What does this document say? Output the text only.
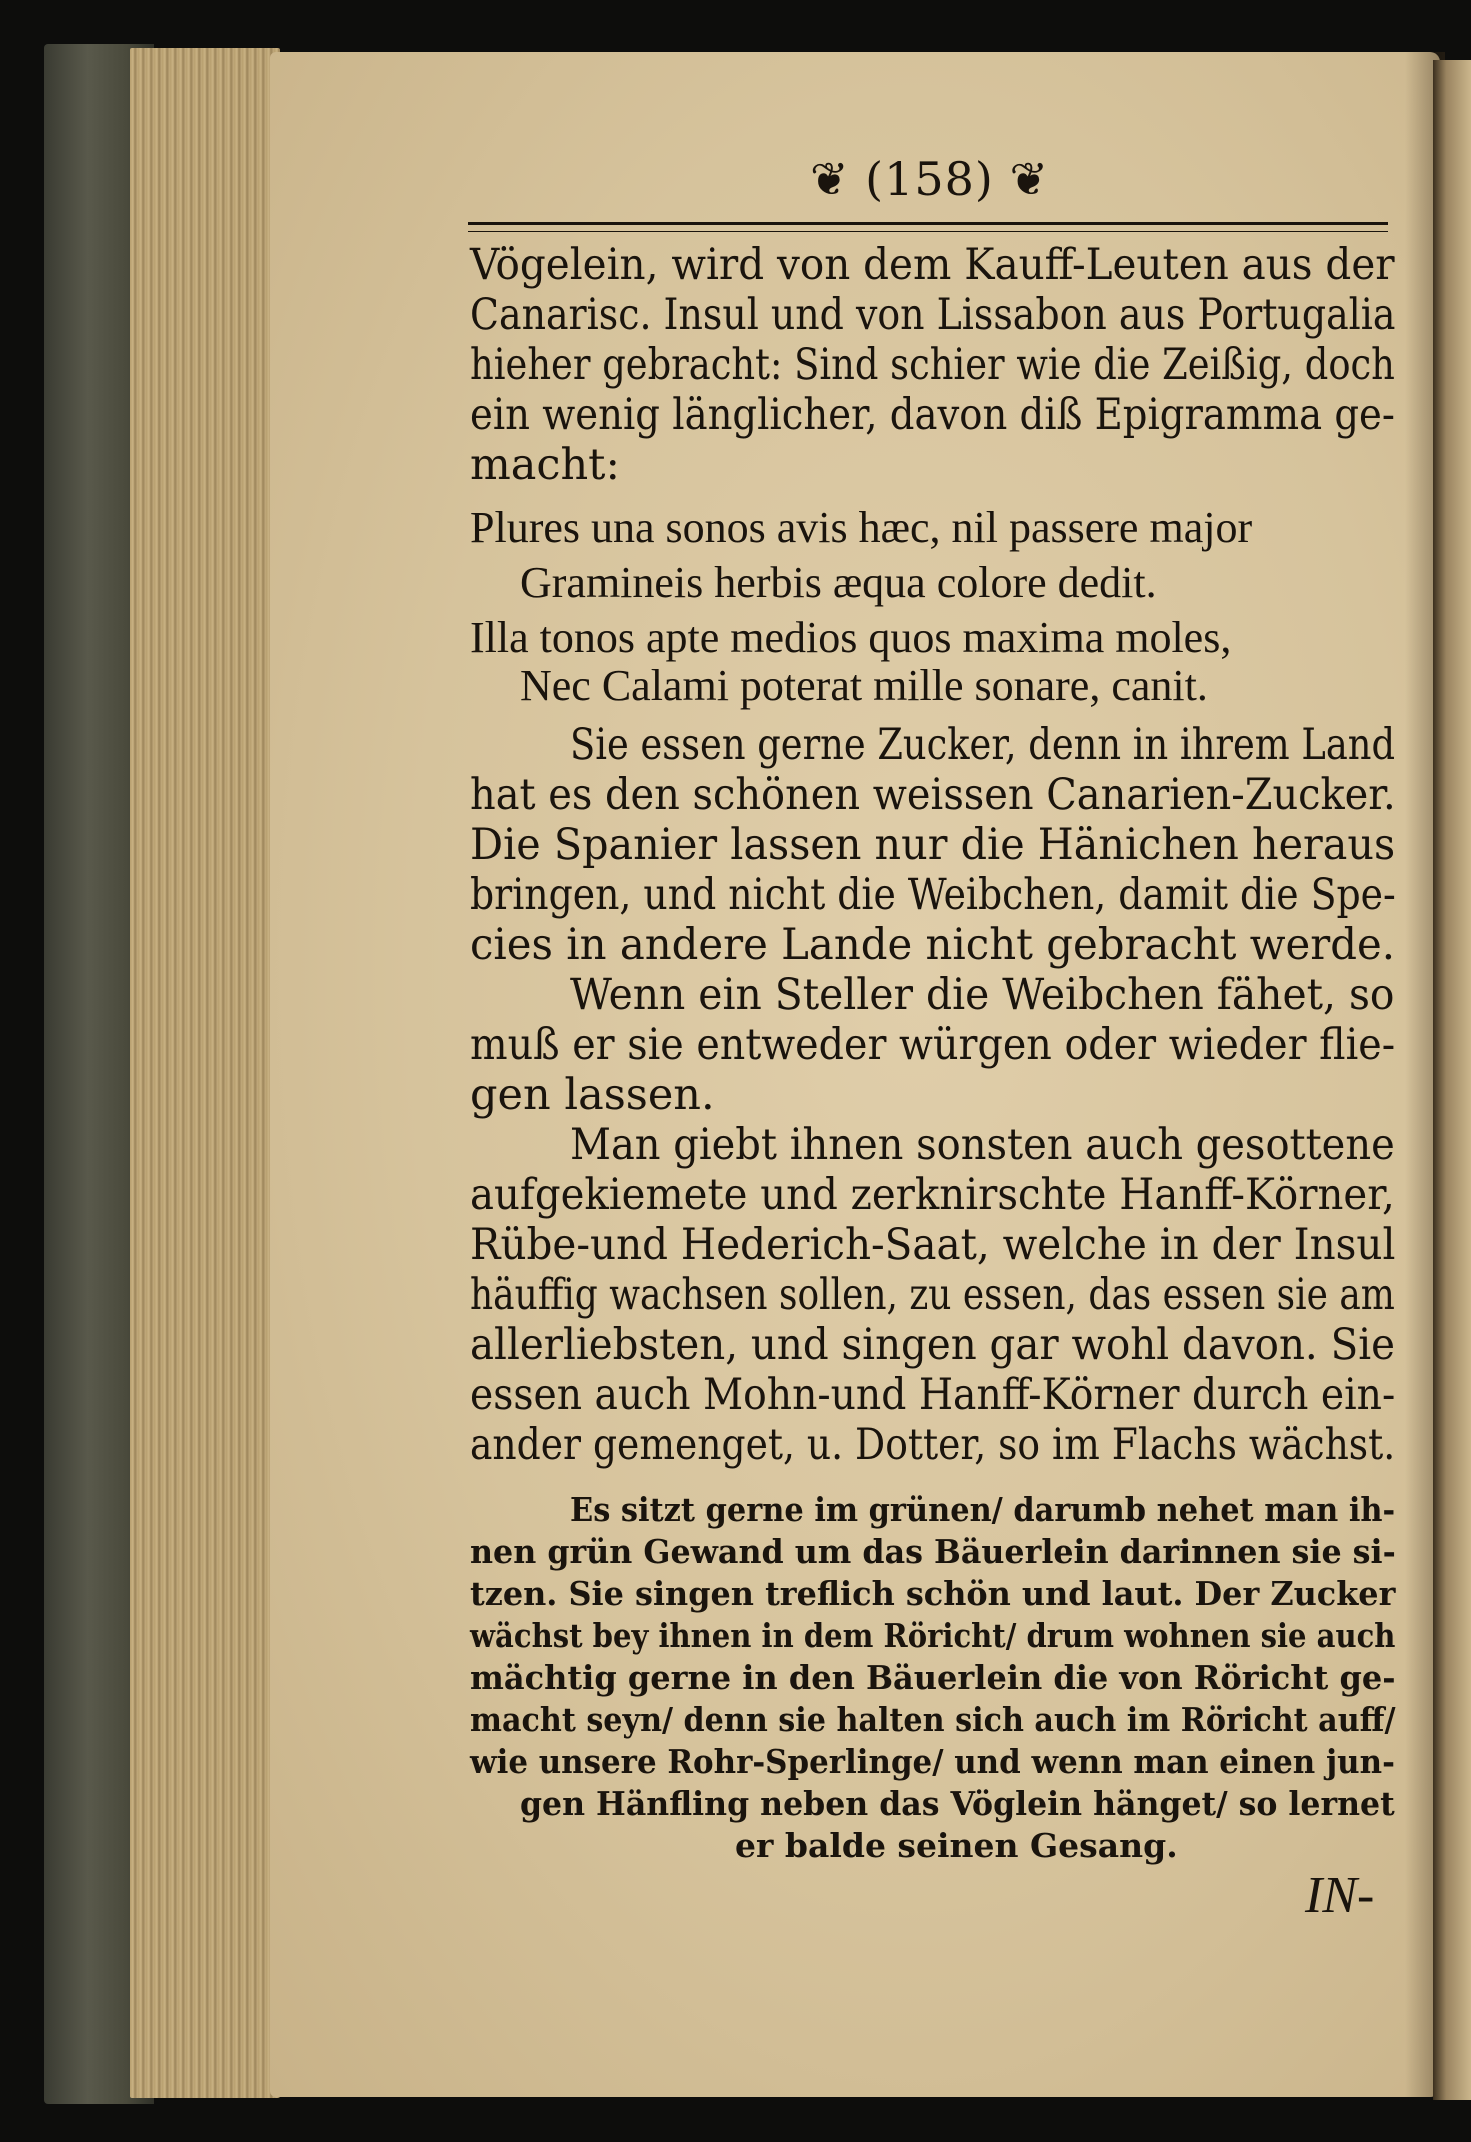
❦ (158) ❦
Vögelein, wird von dem Kauff-Leuten aus der
Canarisc. Insul und von Lissabon aus Portugalia
hieher gebracht: Sind schier wie die Zeißig, doch
ein wenig länglicher, davon diß Epigramma ge-
macht:
Plures una sonos avis hæc, nil passere major
Gramineis herbis æqua colore dedit.
Illa tonos apte medios quos maxima moles,
Nec Calami poterat mille sonare, canit.
Sie essen gerne Zucker, denn in ihrem Land
hat es den schönen weissen Canarien-Zucker.
Die Spanier lassen nur die Hänichen heraus
bringen, und nicht die Weibchen, damit die Spe-
cies in andere Lande nicht gebracht werde.
Wenn ein Steller die Weibchen fähet, so
muß er sie entweder würgen oder wieder flie-
gen lassen.
Man giebt ihnen sonsten auch gesottene
aufgekiemete und zerknirschte Hanff-Körner,
Rübe-und Hederich-Saat, welche in der Insul
häuffig wachsen sollen, zu essen, das essen sie am
allerliebsten, und singen gar wohl davon. Sie
essen auch Mohn-und Hanff-Körner durch ein-
ander gemenget, u. Dotter, so im Flachs wächst.
Es sitzt gerne im grünen/ darumb nehet man ih-
nen grün Gewand um das Bäuerlein darinnen sie si-
tzen. Sie singen treflich schön und laut. Der Zucker
wächst bey ihnen in dem Röricht/ drum wohnen sie auch
mächtig gerne in den Bäuerlein die von Röricht ge-
macht seyn/ denn sie halten sich auch im Röricht auff/
wie unsere Rohr-Sperlinge/ und wenn man einen jun-
gen Hänfling neben das Vöglein hänget/ so lernet
er balde seinen Gesang.
IN-
